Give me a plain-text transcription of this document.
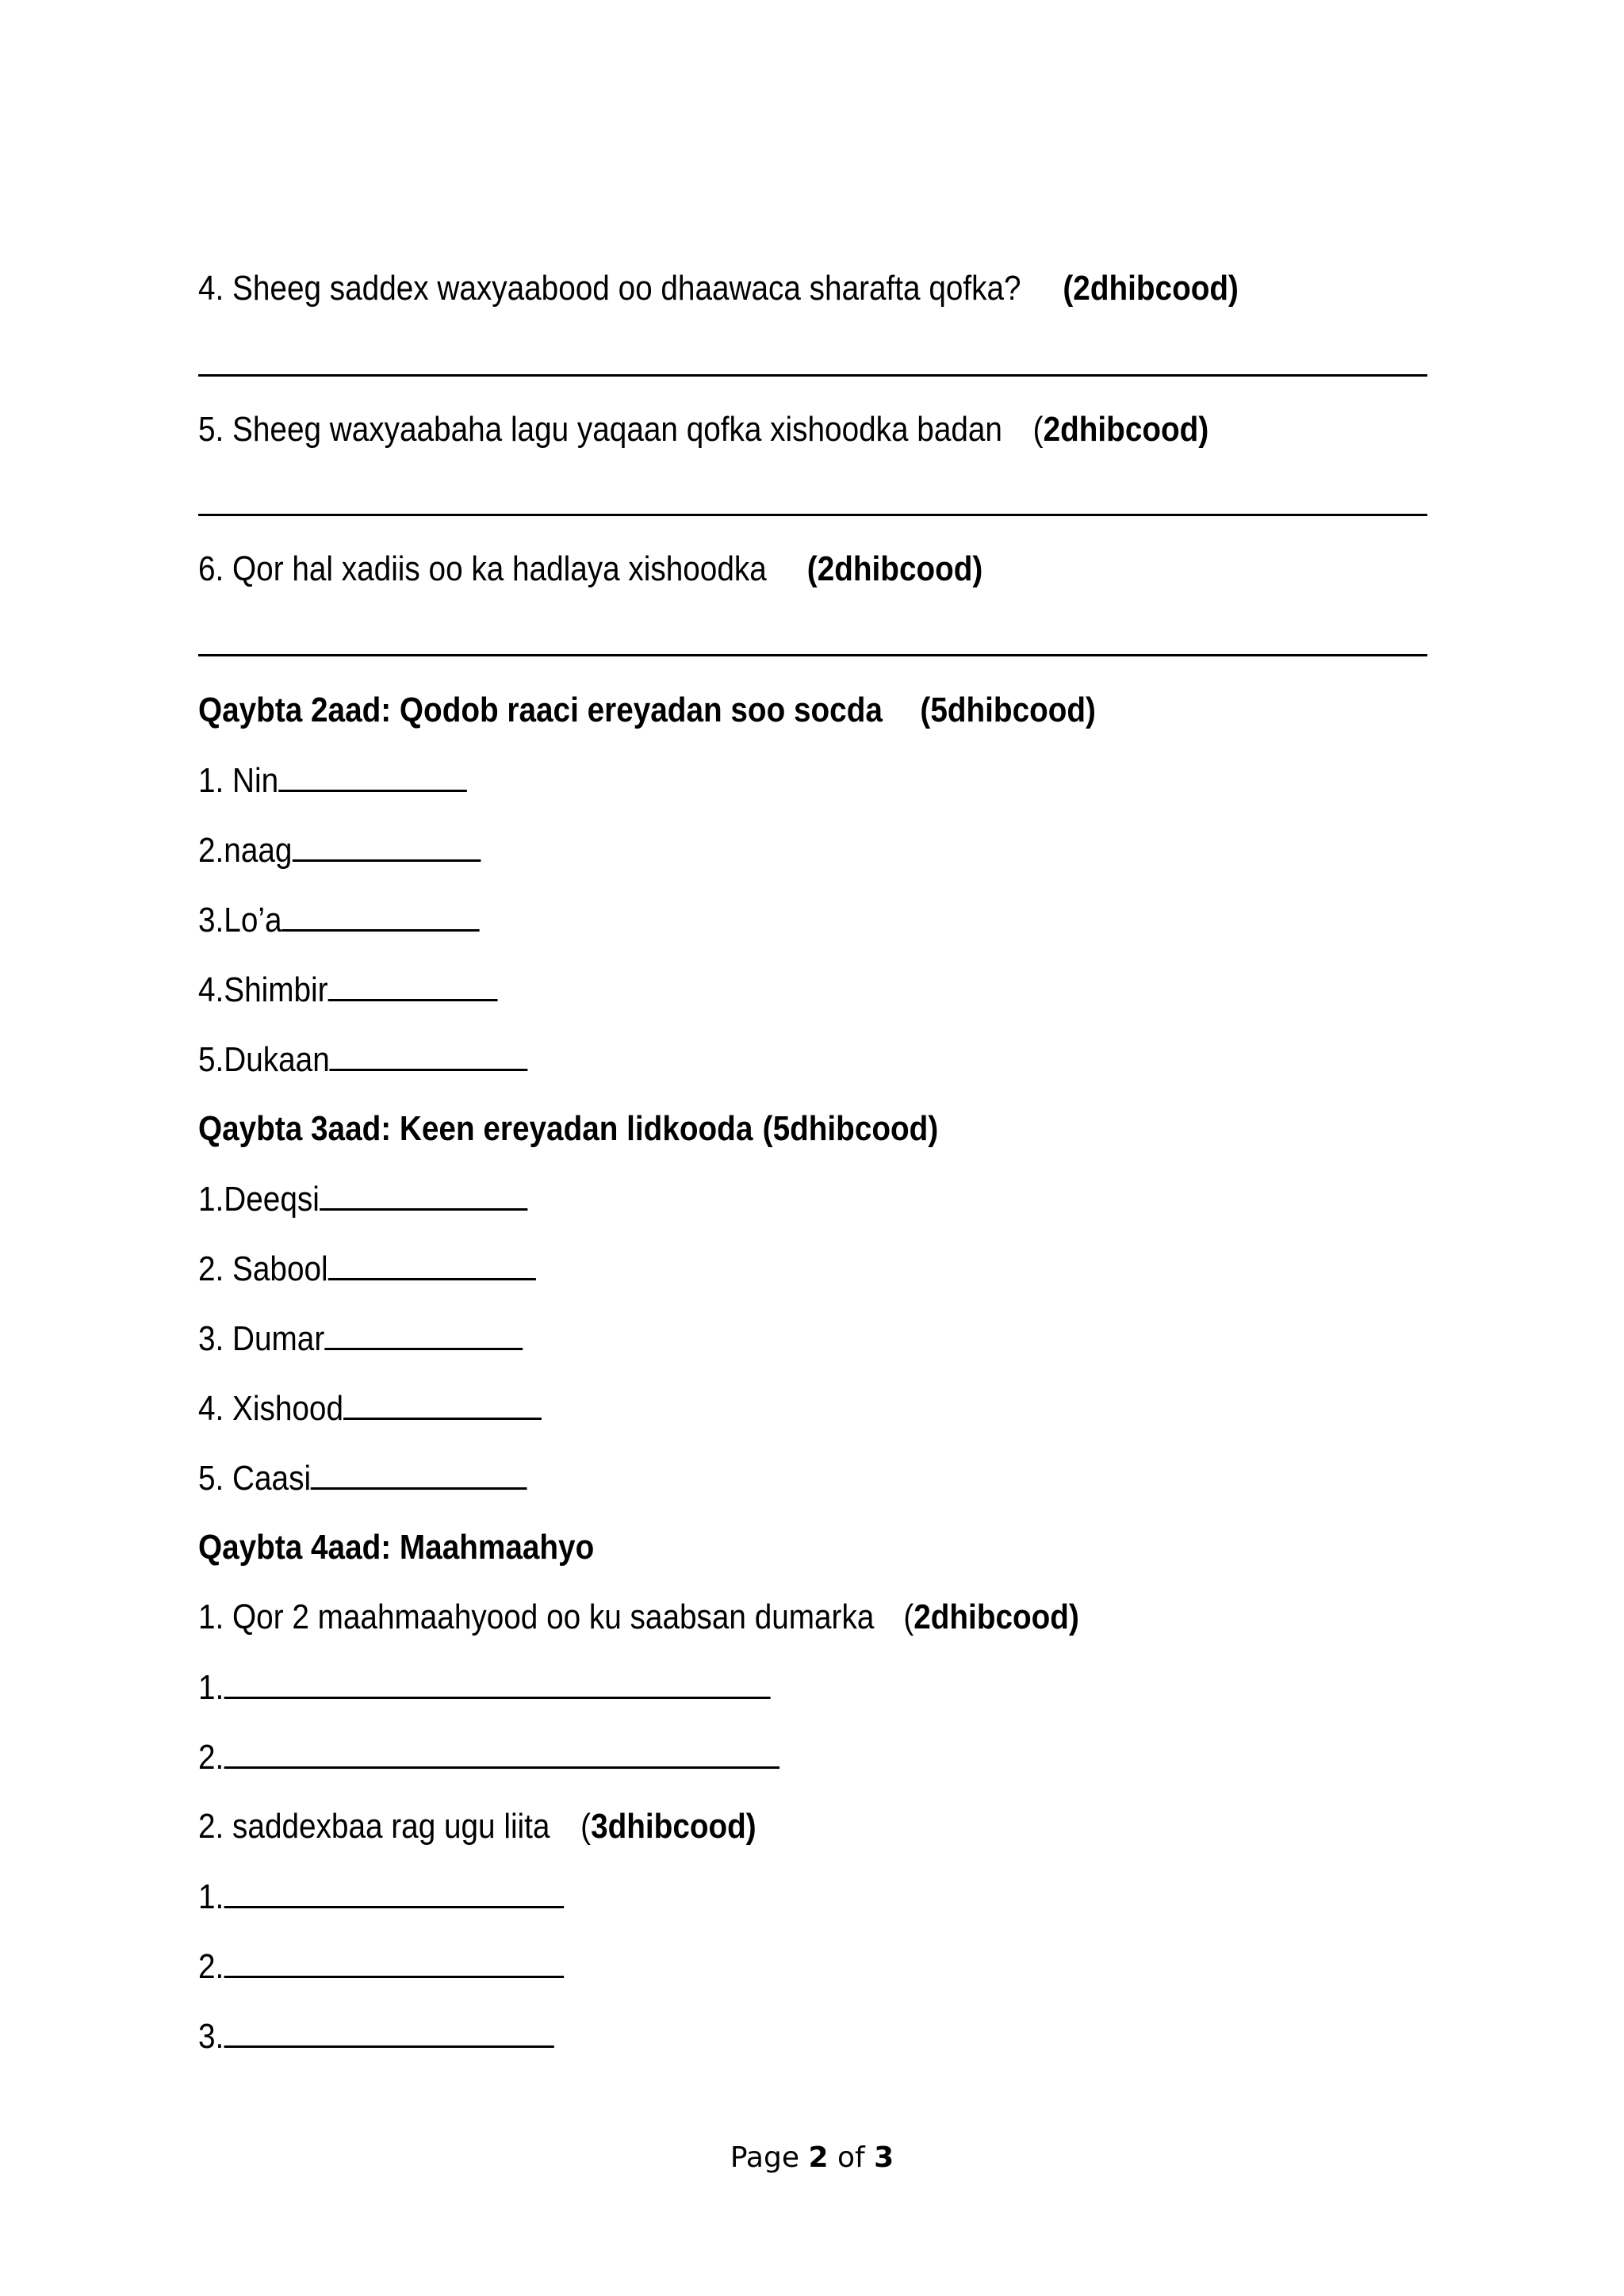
4. Sheeg saddex waxyaabood oo dhaawaca sharafta qofka? (2dhibcood)
5. Sheeg waxyaabaha lagu yaqaan qofka xishoodka badan (2dhibcood)
6. Qor hal xadiis oo ka hadlaya xishoodka (2dhibcood)
Qaybta 2aad: Qodob raaci ereyadan soo socda (5dhibcood)
1. Nin
2.naag
3.Lo’a
4.Shimbir
5.Dukaan
Qaybta 3aad: Keen ereyadan lidkooda (5dhibcood)
1.Deeqsi
2. Sabool
3. Dumar
4. Xishood
5. Caasi
Qaybta 4aad: Maahmaahyo
1. Qor 2 maahmaahyood oo ku saabsan dumarka (2dhibcood)
1.
2.
2. saddexbaa rag ugu liita (3dhibcood)
1.
2.
3.
Page 2 of 3
